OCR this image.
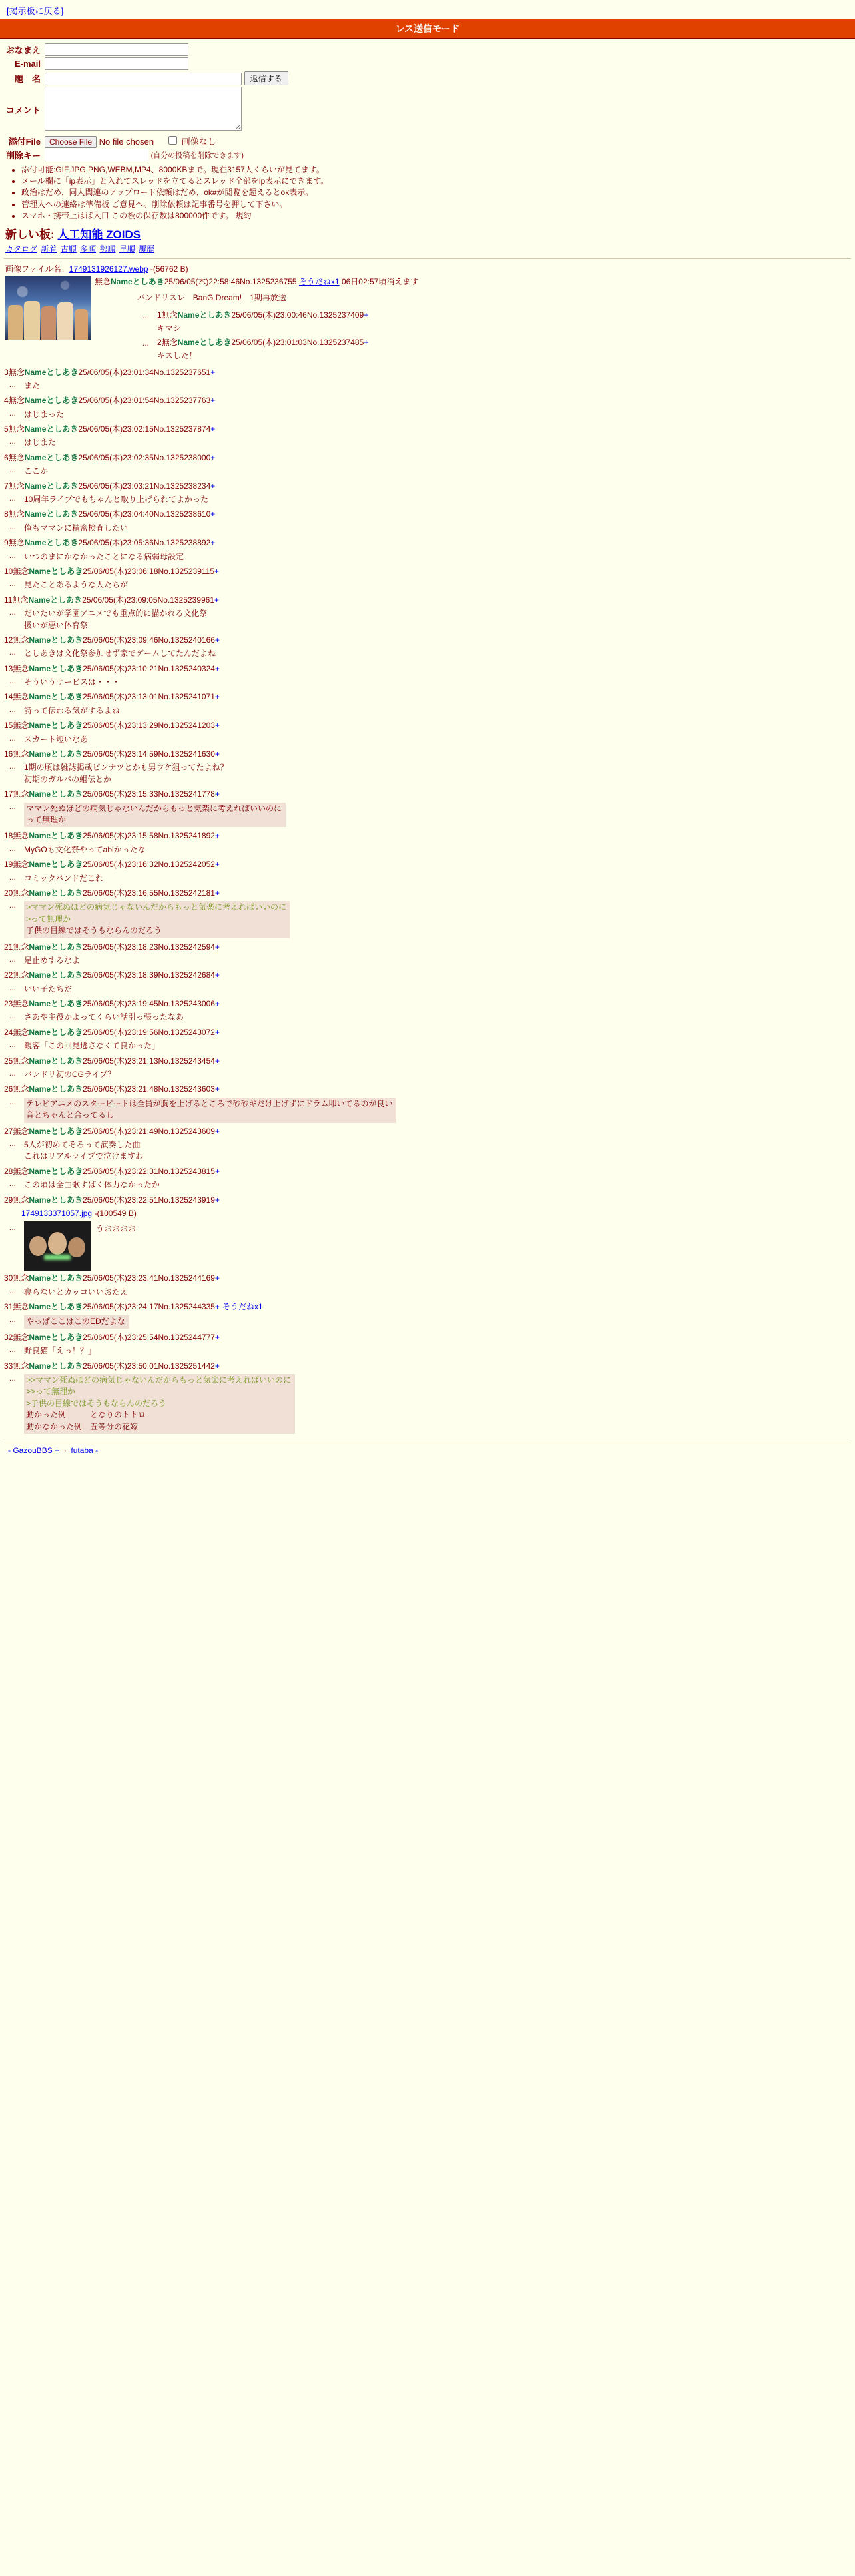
[掲示板に戻る]
レス送信モード
おなまえ	
E-mail	
題　名	返信する
コメント	
添付File	Choose File No file chosen 画像なし
削除キー	(自分の投稿を削除できます)
• 添付可能:GIF,JPG,PNG,WEBM,MP4、8000KBまで。現在3157人くらいが見てます。
• メール欄に「ip表示」と入れてスレッドを立てるとスレッド全部をip表示にできます。
• 政治はだめ、同人関連のアップロード依頼はだめ、ok#が閲覧を超えるとok表示。
• 管理人への連絡は準備板 ご意見へ。削除依頼は記事番号を押して下さい。
• スマホ・携帯上はば入口 この板の保存数は800000件です。 規約
新しい板: 人工知能 ZOIDS
カタログ 新着 古順 多順 勢順 早順 履歴
画像ファイル名：1749131926127.webp -(56762 B)
無念Nameとしあき25/06/05(木)22:58:46No.1325236755 そうだねx1 06日02:57頃消えます
バンドリスレ　BanG Dream!　1期再放送
...	1無念Nameとしあき25/06/05(木)23:00:46No.1325237409+
キマシ
...	2無念Nameとしあき25/06/05(木)23:01:03No.1325237485+
キスした！
3無念Nameとしあき25/06/05(木)23:01:34No.1325237651+
...	また
4無念Nameとしあき25/06/05(木)23:01:54No.1325237763+
...	はじまった
5無念Nameとしあき25/06/05(木)23:02:15No.1325237874+
...	はじまた
6無念Nameとしあき25/06/05(木)23:02:35No.1325238000+
...	ここか
7無念Nameとしあき25/06/05(木)23:03:21No.1325238234+
...	10周年ライブでもちゃんと取り上げられてよかった
8無念Nameとしあき25/06/05(木)23:04:40No.1325238610+
...	俺もママンに精密検査したい
9無念Nameとしあき25/06/05(木)23:05:36No.1325238892+
...	いつのまにかなかったことになる病弱母設定
10無念Nameとしあき25/06/05(木)23:06:18No.1325239115+
...	見たことあるような人たちが
11無念Nameとしあき25/06/05(木)23:09:05No.1325239961+
...	だいたいが学園アニメでも重点的に描かれる文化祭
扱いが悪い体育祭
12無念Nameとしあき25/06/05(木)23:09:46No.1325240166+
...	としあきは文化祭参加せず家でゲームしてたんだよね
13無念Nameとしあき25/06/05(木)23:10:21No.1325240324+
...	そういうサービスは・・・
14無念Nameとしあき25/06/05(木)23:13:01No.1325241071+
...	詩って伝わる気がするよね
15無念Nameとしあき25/06/05(木)23:13:29No.1325241203+
...	スカート短いなあ
16無念Nameとしあき25/06/05(木)23:14:59No.1325241630+
...	1期の頃は雑誌掲載ピンナツとかも男ウケ狙ってたよね？
初期のガルパの蛆伝とか
17無念Nameとしあき25/06/05(木)23:15:33No.1325241778+
...	ママン死ぬほどの病気じゃないんだからもっと気楽に考えればいいのに
って無理か
18無念Nameとしあき25/06/05(木)23:15:58No.1325241892+
...	MyGOも文化祭やってablかったな
19無念Nameとしあき25/06/05(木)23:16:32No.1325242052+
...	コミックバンドだこれ
20無念Nameとしあき25/06/05(木)23:16:55No.1325242181+
...	>ママン死ぬほどの病気じゃないんだからもっと気楽に考えればいいのに
>って無理か
子供の目線ではそうもならんのだろう
21無念Nameとしあき25/06/05(木)23:18:23No.1325242594+
...	足止めするなよ
22無念Nameとしあき25/06/05(木)23:18:39No.1325242684+
...	いい子たちだ
23無念Nameとしあき25/06/05(木)23:19:45No.1325243006+
...	さあや主役かよってくらい話引っ張ったなあ
24無念Nameとしあき25/06/05(木)23:19:56No.1325243072+
...	観客「この回見逃さなくて良かった」
25無念Nameとしあき25/06/05(木)23:21:13No.1325243454+
...	バンドリ初のCGライブ？
26無念Nameとしあき25/06/05(木)23:21:48No.1325243603+
...	テレビアニメのスターピートは全員が胸を上げるところで砂砂ギだけ上げずにドラム叩いてるのが良い
音とちゃんと合ってるし
27無念Nameとしあき25/06/05(木)23:21:49No.1325243609+
...	5人が初めてそろって演奏した曲
これはリアルライブで泣けますわ
28無念Nameとしあき25/06/05(木)23:22:31No.1325243815+
...	この頃は全曲歌すばく体力なかったか
29無念Nameとしあき25/06/05(木)23:22:51No.1325243919+
1749133371057.jpg -(100549 B)
...	うおおおお
30無念Nameとしあき25/06/05(木)23:23:41No.1325244169+
...	寝らないとカッコいいおたえ
31無念Nameとしあき25/06/05(木)23:24:17No.1325244335+ そうだねx1
...	やっぱここはこのEDだよな
32無念Nameとしあき25/06/05(木)23:25:54No.1325244777+
...	野良猫「えっ！？」
33無念Nameとしあき25/06/05(木)23:50:01No.1325251442+
...	>>ママン死ぬほどの病気じゃないんだからもっと気楽に考えればいいのに
>>って無理か
>子供の目線ではそうもならんのだろう
動かった例　　　となりのトトロ
動かなかった例　五等分の花嫁
- GazouBBS +  ·  futaba -
